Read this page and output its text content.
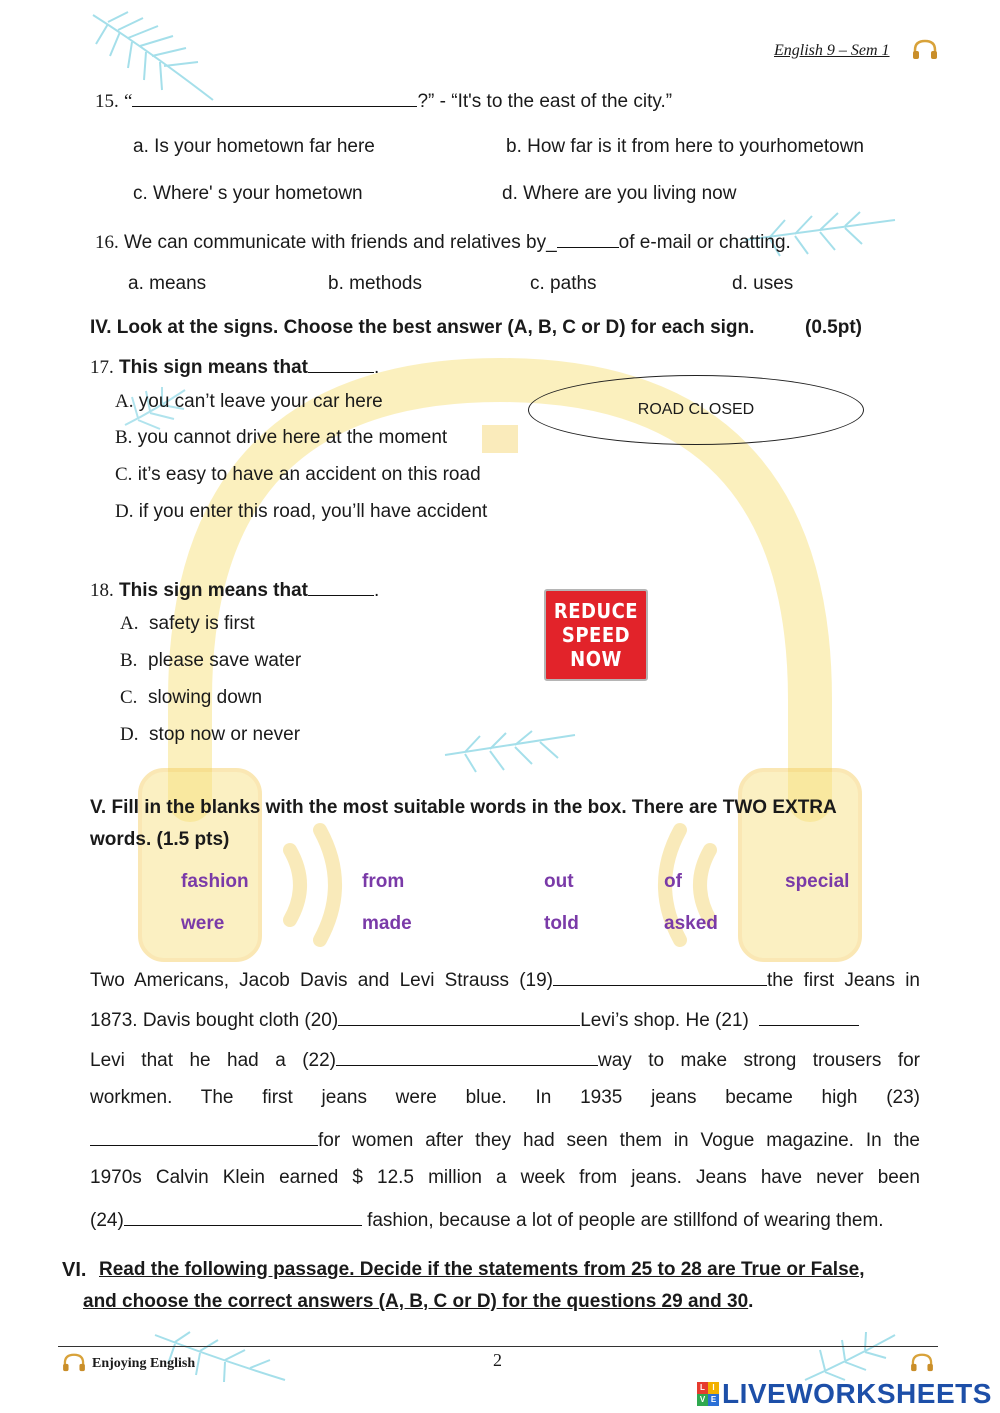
English 9 – Sem 1
15. “	?” - “It's to the east of the city.”
a. Is your hometown far here	b. How far is it from here to yourhometown
c. Where' s your hometown	d. Where are you living now
16. We can communicate with friends and relatives by_	of e-mail or chatting.
a. means	b. methods	c. paths	d. uses
IV. Look at the signs. Choose the best answer (A, B, C or D) for each sign.	(0.5pt)
17. This sign means that	.
A. you can’t leave your car here
B. you cannot drive here at the moment
C. it’s easy to have an accident on this road
D. if you enter this road, you’ll have accident
ROAD CLOSED
18. This sign means that	.
A. safety is first
B. please save water
C. slowing down
D. stop now or never
REDUCE
SPEED
NOW
V. Fill in the blanks with the most suitable words in the box. There are TWO EXTRA
words. (1.5 pts)
fashion	from	out	of	special
were	made	told	asked
Two Americans, Jacob Davis and Levi Strauss (19)	the first Jeans in
1873. Davis bought cloth (20)	Levi’s shop. He (21)
Levi that he had a (22)	way to make strong trousers for
workmen. The first jeans were blue. In 1935 jeans became high (23)
for women after they had seen them in Vogue magazine. In the
1970s Calvin Klein earned $ 12.5 million a week from jeans. Jeans have never been
(24)	fashion, because a lot of people are stillfond of wearing them.
VI. Read the following passage. Decide if the statements from 25 to 28 are True or False,
and choose the correct answers (A, B, C or D) for the questions 29 and 30.
Enjoying English	2
L I
V E LIVEWORKSHEETS
